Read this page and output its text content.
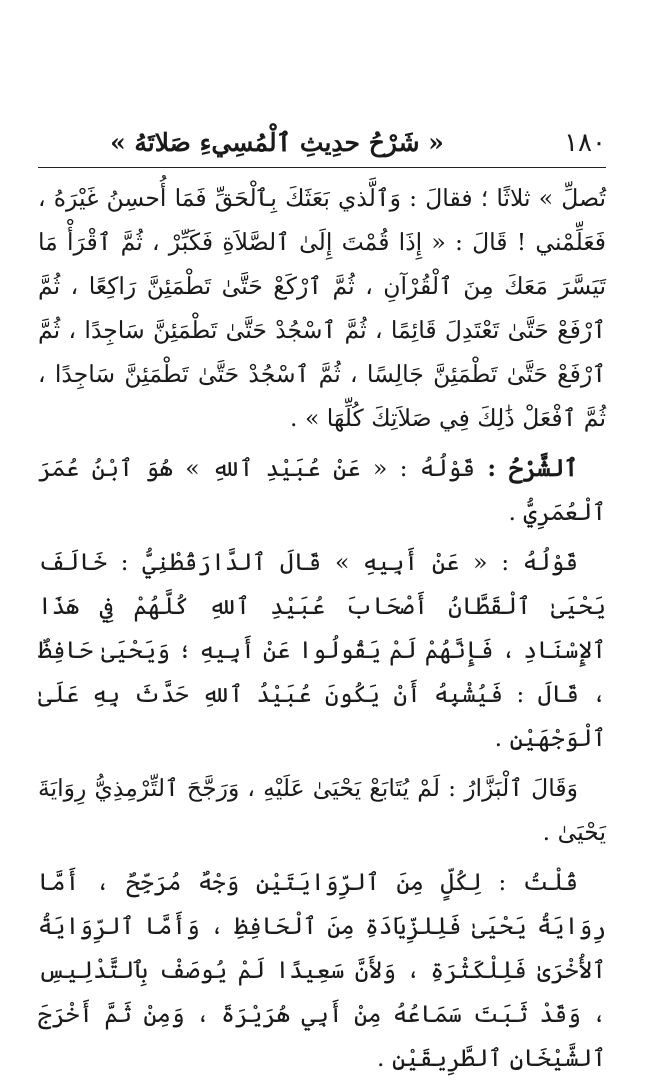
١٨٠
« شَرْحُ حدِيثِ ٱلْمُسِيءِ صَلاتَهُ »

تُصلِّ » ثلاثًا ؛ فقالَ : وَٱلَّذي بَعَثَكَ بِٱلْحَقِّ فَمَا أُحسِنُ غَيْرَهُ ، فَعَلِّمْني ! قَالَ : « إِذَا قُمْتَ إِلَىٰ ٱلصَّلاَةِ فَكَبِّرْ ، ثُمَّ ٱقْرَأْ مَا تَيَسَّرَ مَعَكَ مِنَ ٱلْقُرْآنِ ، ثُمَّ ٱرْكَعْ حَتَّىٰ تَطْمَئِنَّ رَاكِعًا ، ثُمَّ ٱرْفَعْ حَتَّىٰ تَعْتَدِلَ قَائِمًا ، ثُمَّ ٱسْجُدْ حَتَّىٰ تَطْمَئِنَّ سَاجِدًا ، ثُمَّ ٱرْفَعْ حَتَّىٰ تَطْمَئِنَّ جَالِسًا ، ثُمَّ ٱسْجُدْ حَتَّىٰ تَطْمَئِنَّ سَاجِدًا ، ثُمَّ ٱفْعَلْ ذَٰلِكَ فِي صَلاَتِكَ كُلِّهَا » .

ٱلشَّرْحُ : قَوْلُهُ : « عَنْ عُبَيْدِ ٱللهِ » هُوَ ٱبْنُ عُمَرَ ٱلْعُمَرِيُّ .

قَوْلُهُ : « عَنْ أَبِيهِ » قَالَ ٱلدَّارَقُطْنِيُّ : خَالَفَ يَحْيَىٰ ٱلْقَطَّانُ أَصْحَابَ عُبَيْدِ ٱللهِ كُلَّهُمْ فِي هَذَا ٱلإِسْنَادِ ، فَإِنَّهُمْ لَمْ يَقُولُوا عَنْ أَبِيهِ ؛ وَيَحْيَىٰ حَافِظٌ ، قَالَ : فَيُشْبِهُ أَنْ يَكُونَ عُبَيْدُ ٱللهِ حَدَّثَ بِهِ عَلَىٰ ٱلْوَجْهَيْنِ .

وَقَالَ ٱلْبَزَّارُ : لَمْ يُتَابَعْ يَحْيَىٰ عَلَيْهِ ، وَرَجَّحَ ٱلتِّرْمِذِيُّ رِوَايَةَ يَحْيَىٰ .

قُلْتُ : لِكُلٍّ مِنَ ٱلرِّوَايَتَيْنِ وَجْهٌ مُرَجِّحٌ ، أَمَّا رِوَايَةُ يَحْيَىٰ فَلِلزِّيَادَةِ مِنَ ٱلْحَافِظِ ، وَأَمَّا ٱلرِّوَايَةُ ٱلأُخْرَىٰ فَلِلْكَثْرَةِ ، وَلأَنَّ سَعِيدًا لَمْ يُوصَفْ بِٱلتَّدْلِيسِ ، وَقَدْ ثَبَتَ سَمَاعُهُ مِنْ أَبِي هُرَيْرَةَ ، وَمِنْ ثَمَّ أَخْرَجَ ٱلشَّيْخَانِ ٱلطَّرِيقَيْنِ .
